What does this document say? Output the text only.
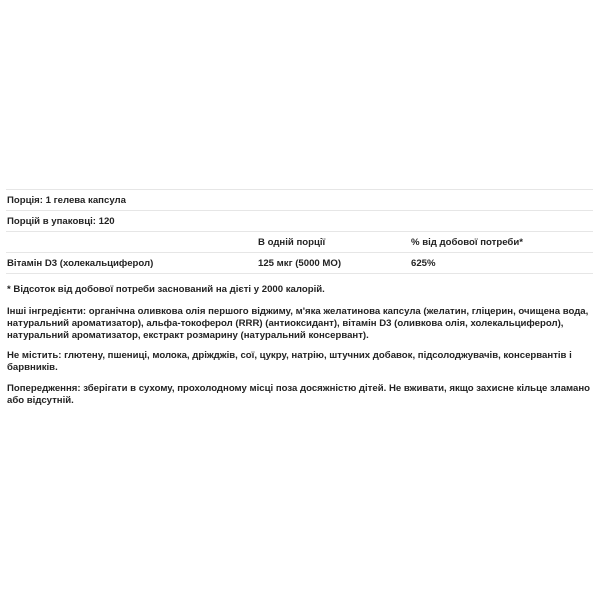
Порція: 1 гелева капсула		
Порцій в упаковці: 120		
	В одній порції	% від добової потреби*
Вітамін D3 (холекальциферол)	125 мкг (5000 МО)	625%

* Відсоток від добової потреби заснований на дієті у 2000 калорій.

Інші інгредієнти: органічна оливкова олія першого віджиму, м'яка желатинова капсула (желатин, гліцерин, очищена вода, натуральний ароматизатор), альфа-токоферол (RRR) (антиоксидант), вітамін D3 (оливкова олія, холекальциферол), натуральний ароматизатор, екстракт розмарину (натуральний консервант).

Не містить: глютену, пшениці, молока, дріжджів, сої, цукру, натрію, штучних добавок, підсолоджувачів, консервантів і барвників.

Попередження: зберігати в сухому, прохолодному місці поза досяжністю дітей. Не вживати, якщо захисне кільце зламано або відсутній.
